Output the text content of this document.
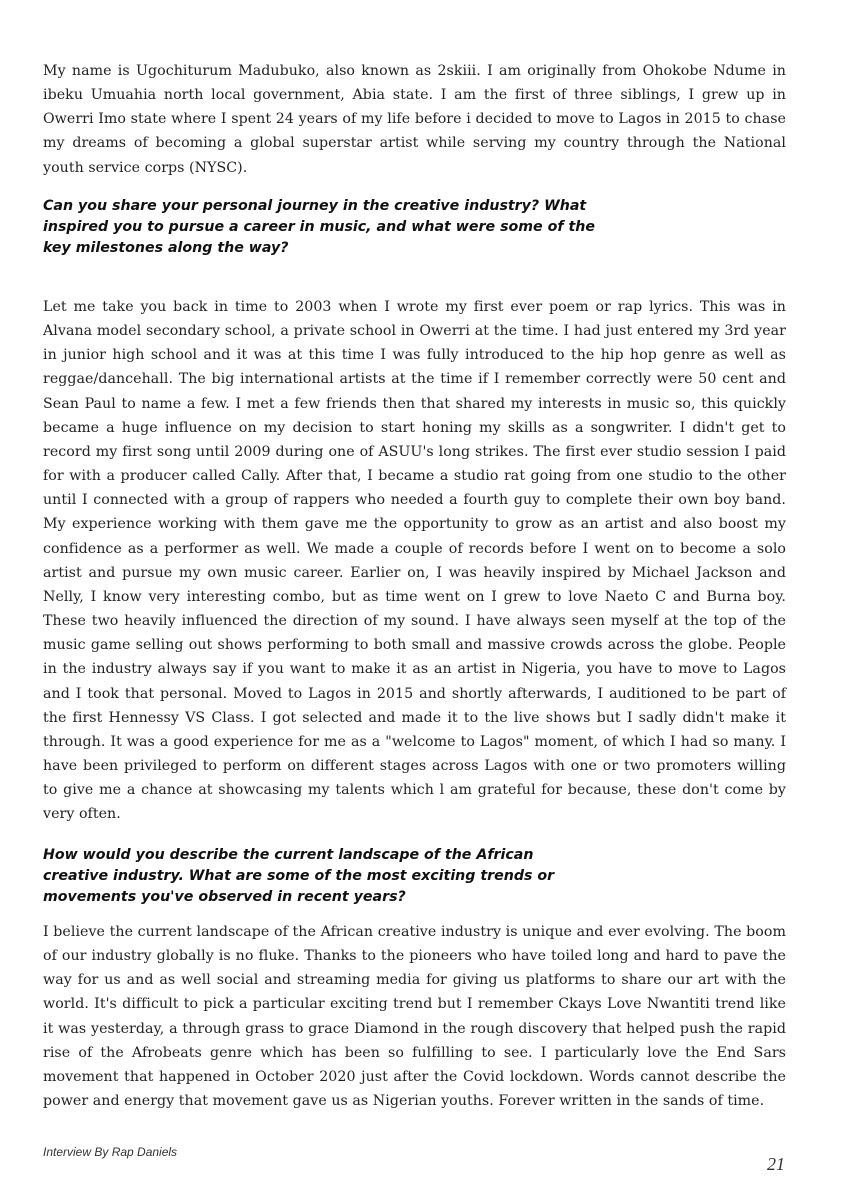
My name is Ugochiturum Madubuko, also known as 2skiii. I am originally from Ohokobe Ndume in ibeku Umuahia north local government, Abia state. I am the first of three siblings, I grew up in Owerri Imo state where I spent 24 years of my life before i decided to move to Lagos in 2015 to chase my dreams of becoming a global superstar artist while serving my country through the National youth service corps (NYSC).

Can you share your personal journey in the creative industry? What inspired you to pursue a career in music, and what were some of the key milestones along the way?

Let me take you back in time to 2003 when I wrote my first ever poem or rap lyrics. This was in Alvana model secondary school, a private school in Owerri at the time. I had just entered my 3rd year in junior high school and it was at this time I was fully introduced to the hip hop genre as well as reggae/dancehall. The big international artists at the time if I remember correctly were 50 cent and Sean Paul to name a few. I met a few friends then that shared my interests in music so, this quickly became a huge influence on my decision to start honing my skills as a songwriter. I didn't get to record my first song until 2009 during one of ASUU's long strikes. The first ever studio session I paid for with a producer called Cally. After that, I became a studio rat going from one studio to the other until I connected with a group of rappers who needed a fourth guy to complete their own boy band. My experience working with them gave me the opportunity to grow as an artist and also boost my confidence as a performer as well. We made a couple of records before I went on to become a solo artist and pursue my own music career. Earlier on, I was heavily inspired by Michael Jackson and Nelly, I know very interesting combo, but as time went on I grew to love Naeto C and Burna boy. These two heavily influenced the direction of my sound. I have always seen myself at the top of the music game selling out shows performing to both small and massive crowds across the globe. People in the industry always say if you want to make it as an artist in Nigeria, you have to move to Lagos and I took that personal. Moved to Lagos in 2015 and shortly afterwards, I auditioned to be part of the first Hennessy VS Class. I got selected and made it to the live shows but I sadly didn't make it through. It was a good experience for me as a "welcome to Lagos" moment, of which I had so many. I have been privileged to perform on different stages across Lagos with one or two promoters willing to give me a chance at showcasing my talents which l am grateful for because, these don't come by very often.

How would you describe the current landscape of the African creative industry. What are some of the most exciting trends or movements you've observed in recent years?

I believe the current landscape of the African creative industry is unique and ever evolving. The boom of our industry globally is no fluke. Thanks to the pioneers who have toiled long and hard to pave the way for us and as well social and streaming media for giving us platforms to share our art with the world. It's difficult to pick a particular exciting trend but I remember Ckays Love Nwantiti trend like it was yesterday, a through grass to grace Diamond in the rough discovery that helped push the rapid rise of the Afrobeats genre which has been so fulfilling to see. I particularly love the End Sars movement that happened in October 2020 just after the Covid lockdown. Words cannot describe the power and energy that movement gave us as Nigerian youths. Forever written in the sands of time.

Interview By Rap Daniels
21
